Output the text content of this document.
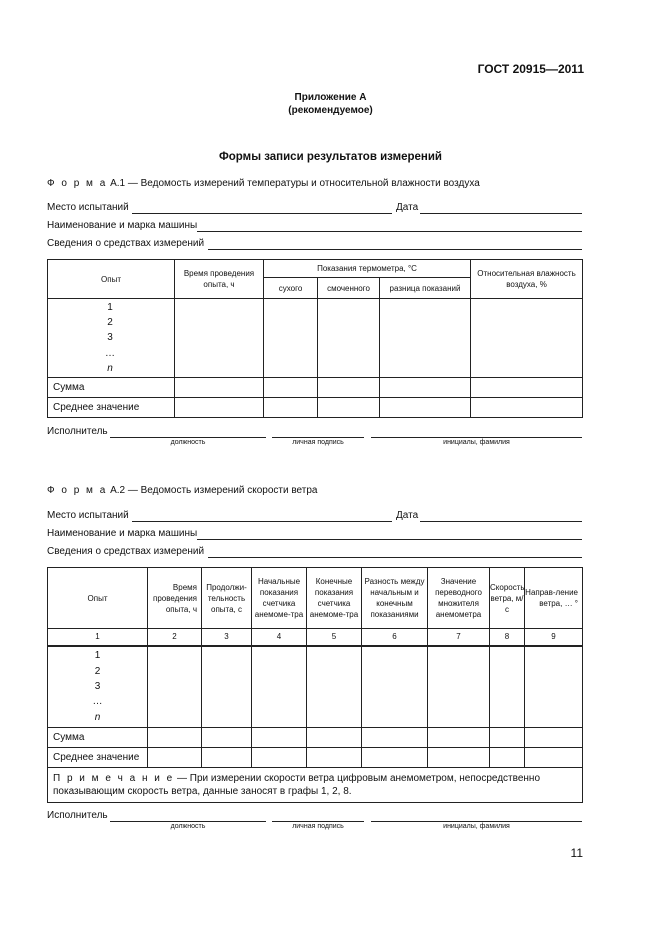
ГОСТ 20915—2011
Приложение А
(рекомендуемое)
Формы записи результатов измерений
Ф о р м а А.1 — Ведомость измерений температуры и относительной влажности воздуха
Место испытаний	Дата
Наименование и марка машины
Сведения о средствах измерений
Опыт	Время проведения опыта, ч	Показания термометра, °С			Относительная влажность воздуха, %
		сухого	смоченного	разница показаний	

1
2
3
…
n					

Сумма					
Среднее значение					
Исполнитель
должность	личная подпись	инициалы, фамилия
Ф о р м а А.2 — Ведомость измерений скорости ветра
Место испытаний	Дата
Наименование и марка машины
Сведения о средствах измерений
Опыт	Время проведения опыта, ч	Продолжи-тельность опыта, с	Начальные показания счетчика анемоме-тра	Конечные показания счетчика анемоме-тра	Разность между начальным и конечным показаниями	Значение переводного множителя анемометра	Скорость ветра, м/с	Направ-ление ветра, … °
1	2	3	4	5	6	7	8	9

1
2
3
…
n								

Сумма								
Среднее значение								
П р и м е ч а н и е — При измерении скорости ветра цифровым анемометром, непосредственно показывающим скорость ветра, данные заносят в графы 1, 2, 8.								
Исполнитель
должность	личная подпись	инициалы, фамилия
11
